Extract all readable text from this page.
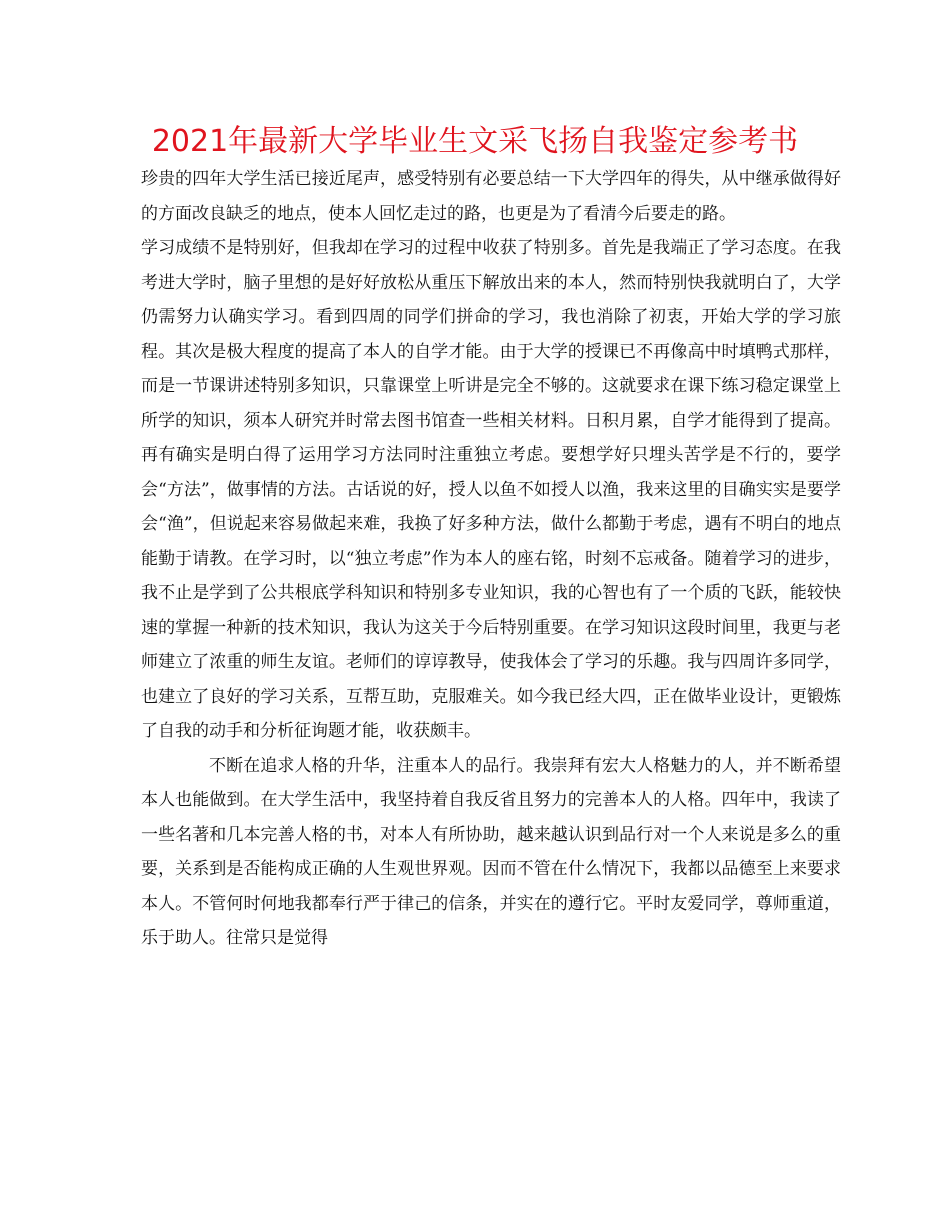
2021年最新大学毕业生文采飞扬自我鉴定参考书

珍贵的四年大学生活已接近尾声，感受特别有必要总结一下大学四年的得失，从中继承做得好的方面改良缺乏的地点，使本人回忆走过的路，也更是为了看清今后要走的路。

学习成绩不是特别好，但我却在学习的过程中收获了特别多。首先是我端正了学习态度。在我考进大学时，脑子里想的是好好放松从重压下解放出来的本人，然而特别快我就明白了，大学仍需努力认确实学习。看到四周的同学们拼命的学习，我也消除了初衷，开始大学的学习旅程。其次是极大程度的提高了本人的自学才能。由于大学的授课已不再像高中时填鸭式那样，而是一节课讲述特别多知识，只靠课堂上听讲是完全不够的。这就要求在课下练习稳定课堂上所学的知识，须本人研究并时常去图书馆查一些相关材料。日积月累，自学才能得到了提高。再有确实是明白得了运用学习方法同时注重独立考虑。要想学好只埋头苦学是不行的，要学会“方法”，做事情的方法。古话说的好，授人以鱼不如授人以渔，我来这里的目确实实是要学会“渔”，但说起来容易做起来难，我换了好多种方法，做什么都勤于考虑，遇有不明白的地点能勤于请教。在学习时，以“独立考虑”作为本人的座右铭，时刻不忘戒备。随着学习的进步，我不止是学到了公共根底学科知识和特别多专业知识，我的心智也有了一个质的飞跃，能较快速的掌握一种新的技术知识，我认为这关于今后特别重要。在学习知识这段时间里，我更与老师建立了浓重的师生友谊。老师们的谆谆教导，使我体会了学习的乐趣。我与四周许多同学，也建立了良好的学习关系，互帮互助，克服难关。如今我已经大四，正在做毕业设计，更锻炼了自我的动手和分析征询题才能，收获颇丰。

不断在追求人格的升华，注重本人的品行。我崇拜有宏大人格魅力的人，并不断希望本人也能做到。在大学生活中，我坚持着自我反省且努力的完善本人的人格。四年中，我读了一些名著和几本完善人格的书，对本人有所协助，越来越认识到品行对一个人来说是多么的重要，关系到是否能构成正确的人生观世界观。因而不管在什么情况下，我都以品德至上来要求本人。不管何时何地我都奉行严于律己的信条，并实在的遵行它。平时友爱同学，尊师重道，乐于助人。往常只是觉得
